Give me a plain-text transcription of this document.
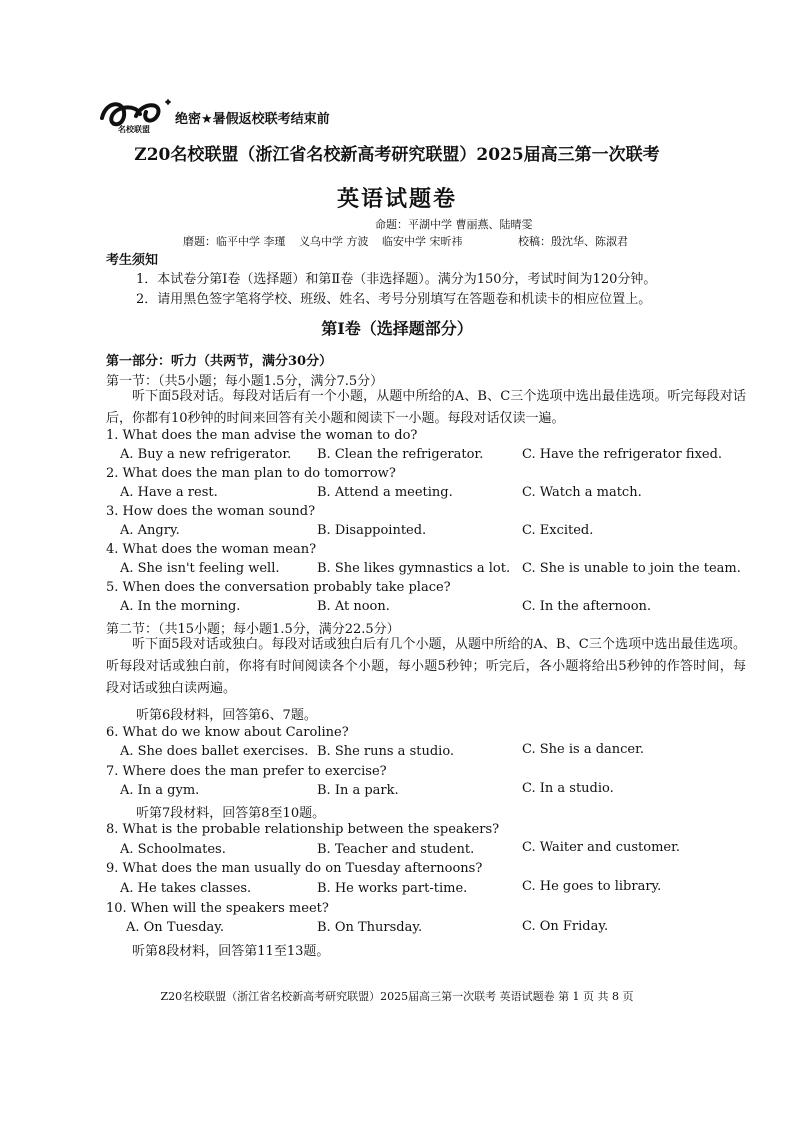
名校联盟
绝密★暑假返校联考结束前
Z20名校联盟（浙江省名校新高考研究联盟）2025届高三第一次联考
英语试题卷
命题：平湖中学 曹丽燕、陆晴雯
磨题：临平中学 李瑾 义乌中学 方波 临安中学 宋昕祎	校稿：殷沈华、陈淑君
考生须知
1．本试卷分第Ⅰ卷（选择题）和第Ⅱ卷（非选择题）。满分为150分，考试时间为120分钟。
2．请用黑色签字笔将学校、班级、姓名、考号分别填写在答题卷和机读卡的相应位置上。
第Ⅰ卷（选择题部分）
第一部分：听力（共两节，满分30分）
第一节：（共5小题；每小题1.5分，满分7.5分）

听下面5段对话。每段对话后有一个小题，从题中所给的A、B、C三个选项中选出最佳选项。听完每段对话后，你都有10秒钟的时间来回答有关小题和阅读下一小题。每段对话仅读一遍。

1. What does the man advise the woman to do?
A. Buy a new refrigerator. B. Clean the refrigerator.	C. Have the refrigerator fixed.
2. What does the man plan to do tomorrow?
A. Have a rest.	B. Attend a meeting.	C. Watch a match.
3. How does the woman sound?
A. Angry.	B. Disappointed.	C. Excited.
4. What does the woman mean?
A. She isn't feeling well.	B. She likes gymnastics a lot. C. She is unable to join the team.
5. When does the conversation probably take place?
A. In the morning.	B. At noon.	C. In the afternoon.
第二节：（共15小题；每小题1.5分，满分22.5分）

听下面5段对话或独白。每段对话或独白后有几个小题，从题中所给的A、B、C三个选项中选出最佳选项。听每段对话或独白前，你将有时间阅读各个小题，每小题5秒钟；听完后，各小题将给出5秒钟的作答时间，每段对话或独白读两遍。

听第6段材料，回答第6、7题。
6. What do we know about Caroline?
A. She does ballet exercises. B. She runs a studio.	C. She is a dancer.
7. Where does the man prefer to exercise?
A. In a gym.	B. In a park.	C. In a studio.
听第7段材料，回答第8至10题。
8. What is the probable relationship between the speakers?
A. Schoolmates.	B. Teacher and student.	C. Waiter and customer.
9. What does the man usually do on Tuesday afternoons?
A. He takes classes.	B. He works part-time.	C. He goes to library.
10. When will the speakers meet?
A. On Tuesday.	B. On Thursday.	C. On Friday.
听第8段材料，回答第11至13题。
Z20名校联盟（浙江省名校新高考研究联盟）2025届高三第一次联考 英语试题卷 第 1 页 共 8 页
